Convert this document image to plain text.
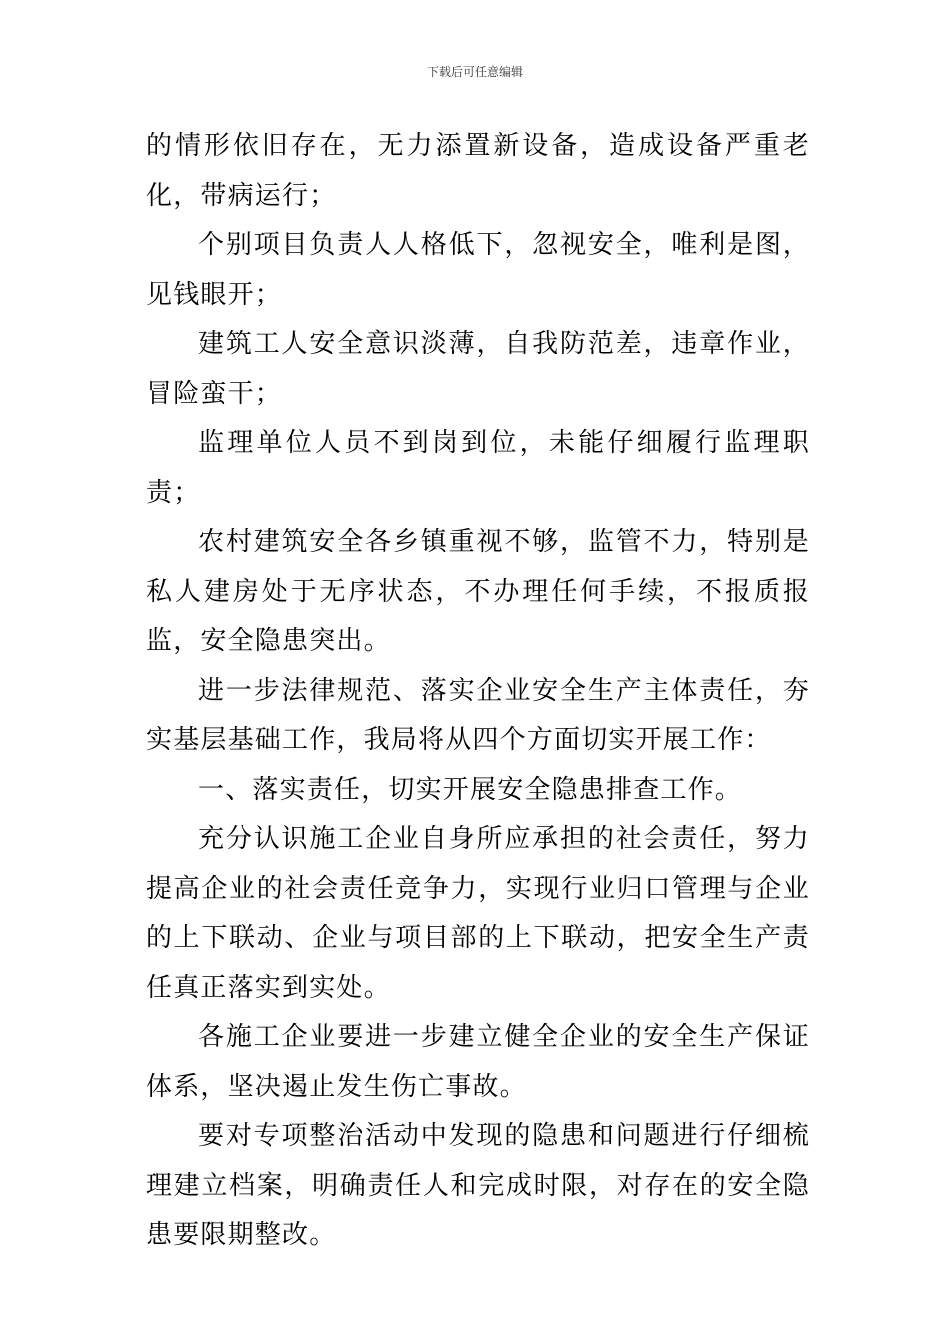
下载后可任意编辑

的情形依旧存在，无力添置新设备，造成设备严重老化，带病运行；

个别项目负责人人格低下，忽视安全，唯利是图，见钱眼开；

建筑工人安全意识淡薄，自我防范差，违章作业，冒险蛮干；

监理单位人员不到岗到位，未能仔细履行监理职责；

农村建筑安全各乡镇重视不够，监管不力，特别是私人建房处于无序状态，不办理任何手续，不报质报监，安全隐患突出。

进一步法律规范、落实企业安全生产主体责任，夯实基层基础工作，我局将从四个方面切实开展工作：

一、落实责任，切实开展安全隐患排查工作。

充分认识施工企业自身所应承担的社会责任，努力提高企业的社会责任竞争力，实现行业归口管理与企业的上下联动、企业与项目部的上下联动，把安全生产责任真正落实到实处。

各施工企业要进一步建立健全企业的安全生产保证体系，坚决遏止发生伤亡事故。

要对专项整治活动中发现的隐患和问题进行仔细梳理建立档案，明确责任人和完成时限，对存在的安全隐患要限期整改。
